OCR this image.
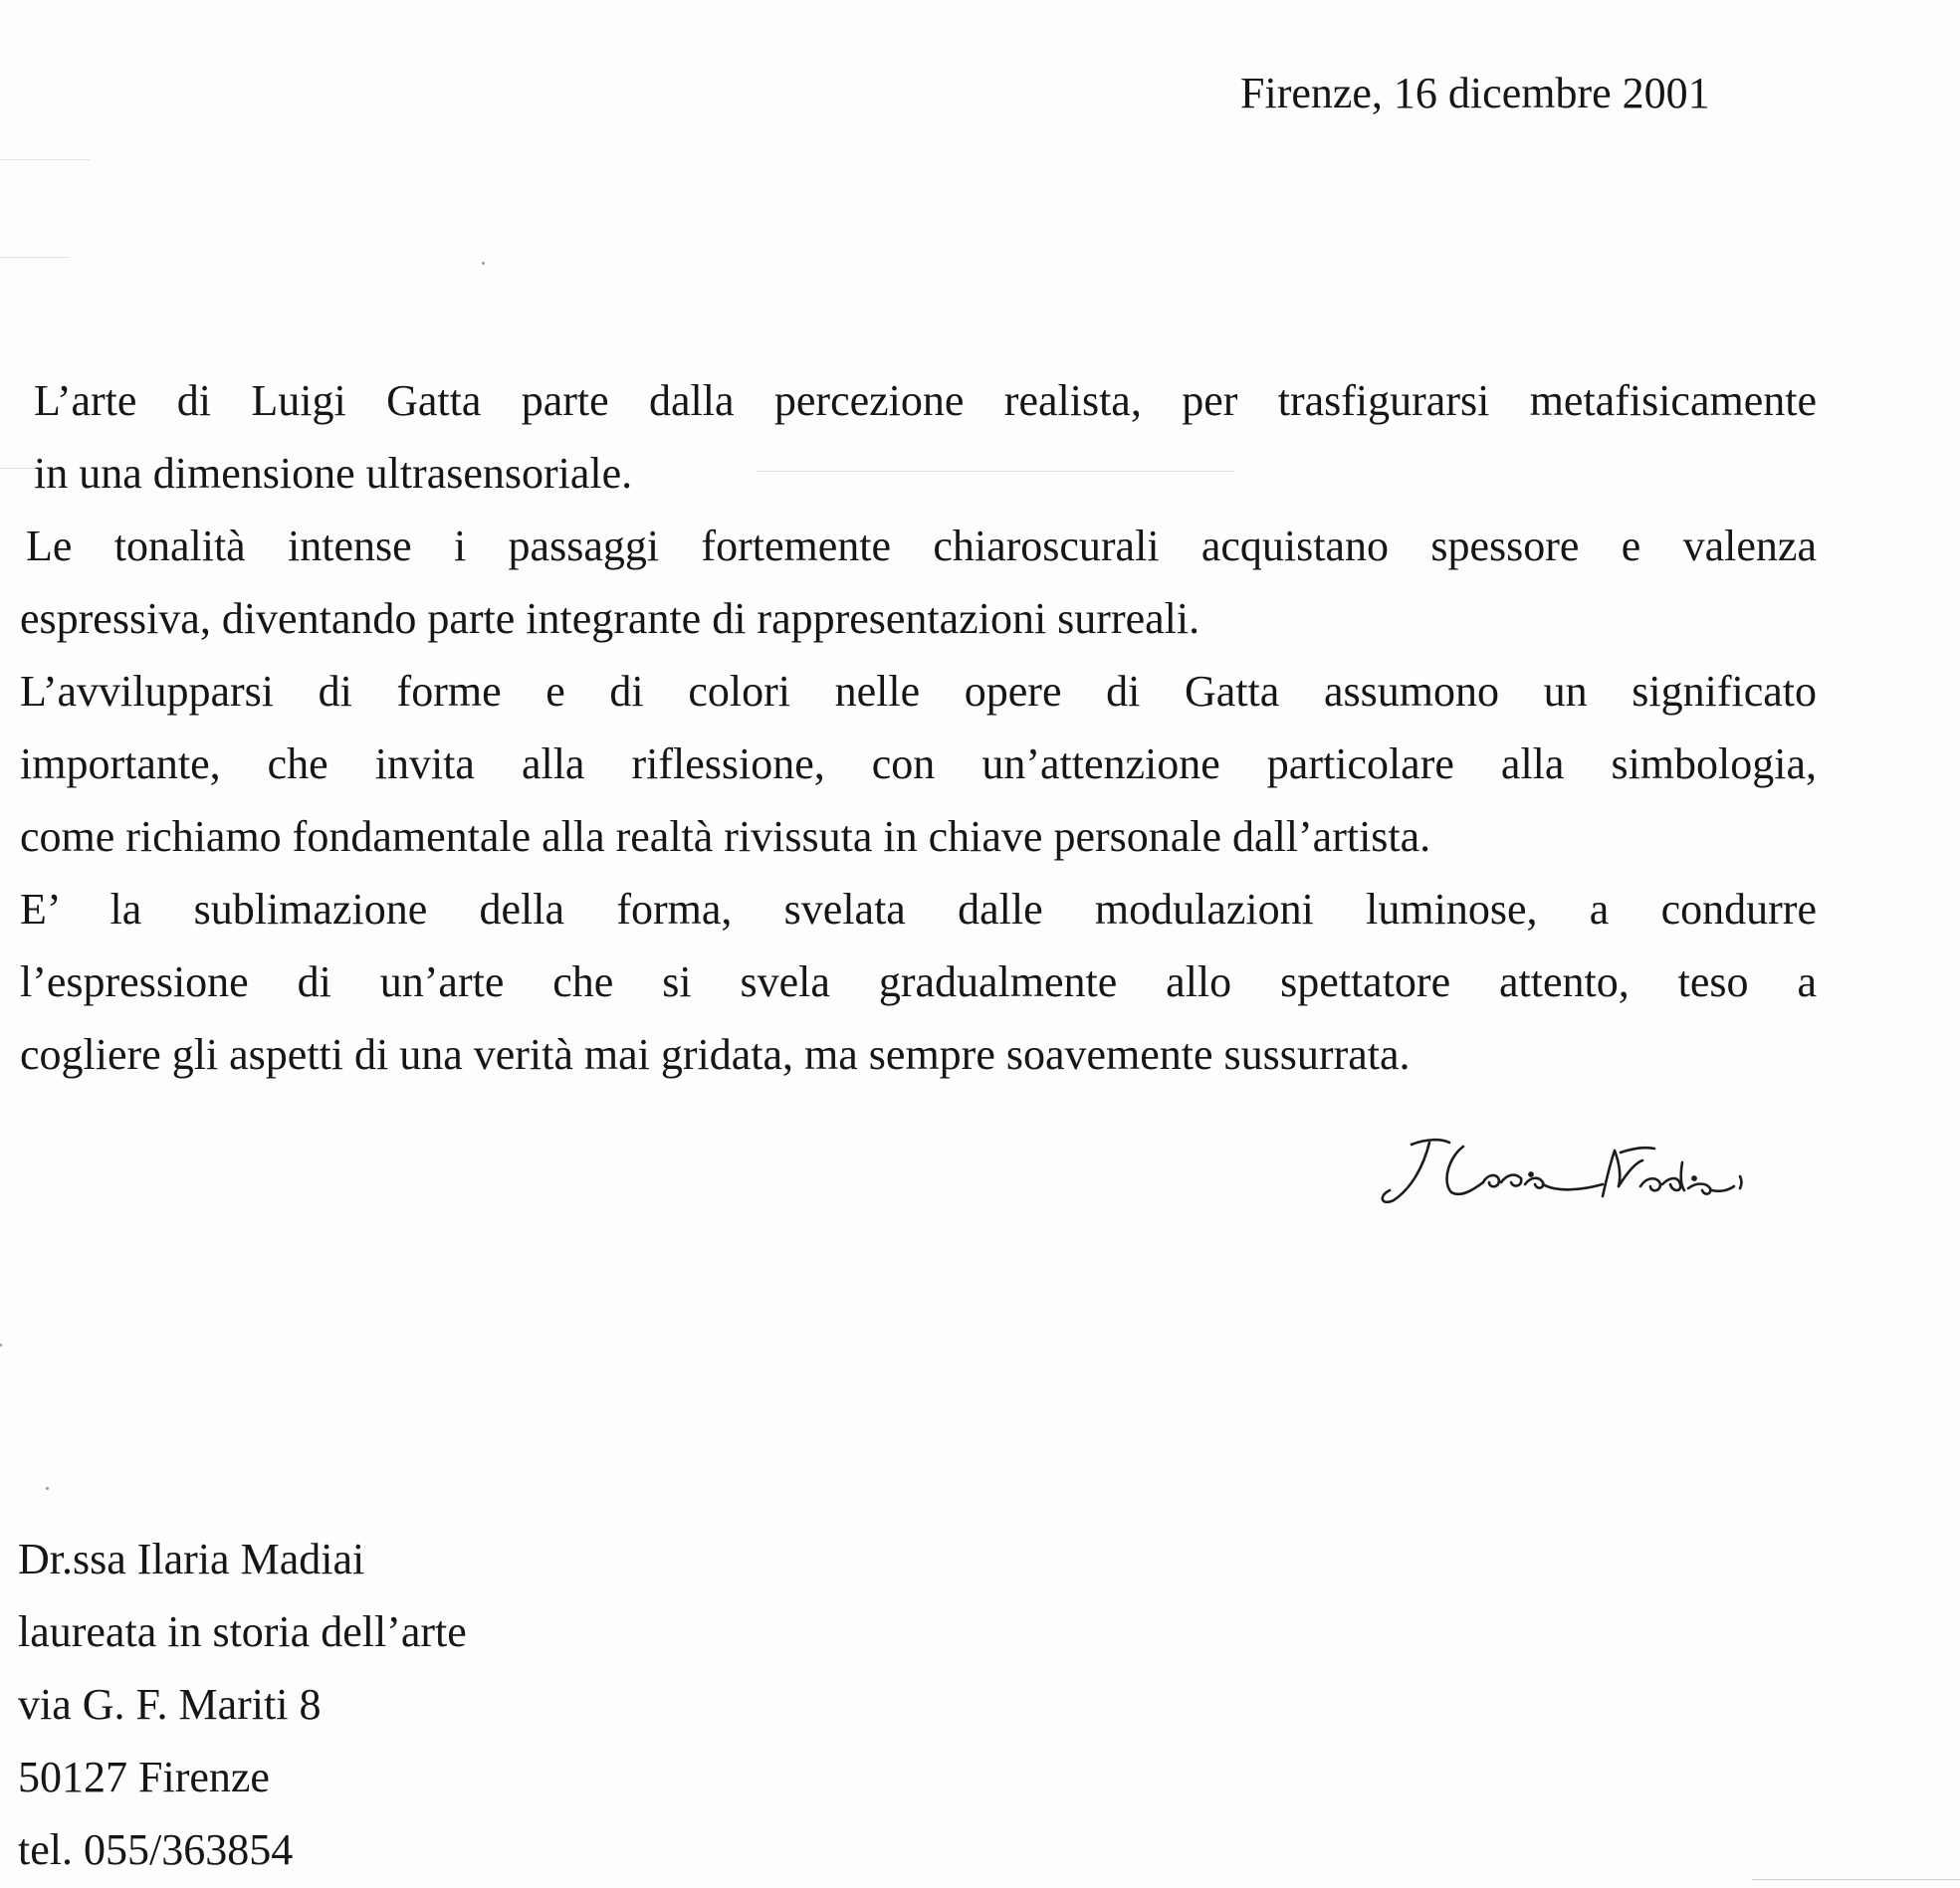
Firenze, 16 dicembre 2001
L’arte di Luigi Gatta parte dalla percezione realista, per trasfigurarsi metafisicamente
in una dimensione ultrasensoriale.
Le tonalità intense i passaggi fortemente chiaroscurali acquistano spessore e valenza
espressiva, diventando parte integrante di rappresentazioni surreali.
L’avvilupparsi di forme e di colori nelle opere di Gatta assumono un significato
importante, che invita alla riflessione, con un’attenzione particolare alla simbologia,
come richiamo fondamentale alla realtà rivissuta in chiave personale dall’artista.
E’ la sublimazione della forma, svelata dalle modulazioni luminose, a condurre
l’espressione di un’arte che si svela gradualmente allo spettatore attento, teso a
cogliere gli aspetti di una verità mai gridata, ma sempre soavemente sussurrata.
Dr.ssa Ilaria Madiai
laureata in storia dell’arte
via G. F. Mariti 8
50127 Firenze
tel. 055/363854
